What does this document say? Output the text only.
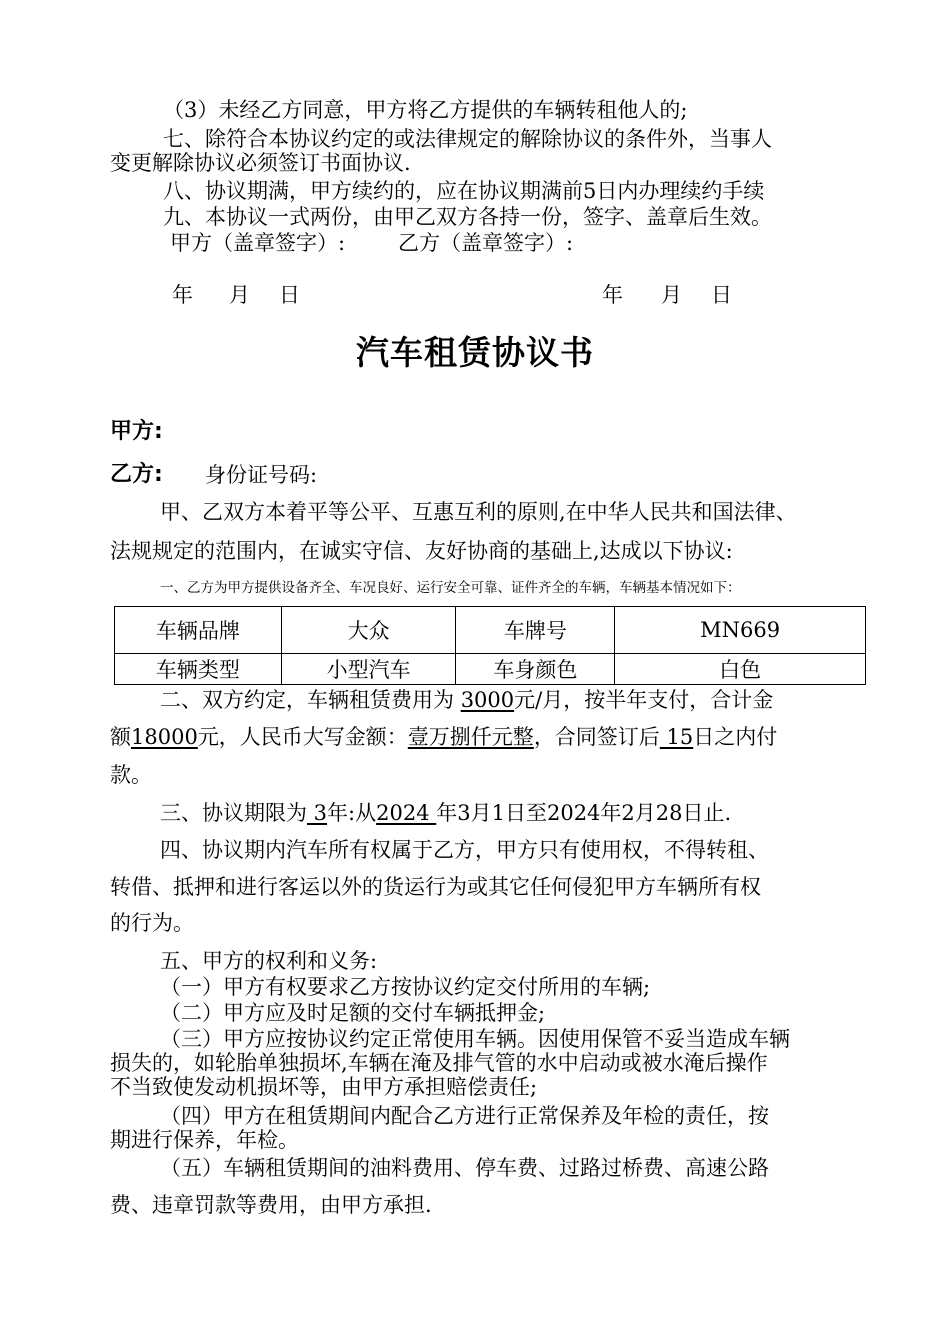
（3）未经乙方同意，甲方将乙方提供的车辆转租他人的;
七、除符合本协议约定的或法律规定的解除协议的条件外，当事人
变更解除协议必须签订书面协议.
八、协议期满，甲方续约的，应在协议期满前5日内办理续约手续
九、本协议一式两份，由甲乙双方各持一份，签字、盖章后生效。
甲方（盖章签字）:	乙方（盖章签字）:
年 月 日	年 月 日
汽车租赁协议书
甲方:
乙方: 身份证号码:
甲、乙双方本着平等公平、互惠互利的原则,在中华人民共和国法律、
法规规定的范围内，在诚实守信、友好协商的基础上,达成以下协议:
一、乙方为甲方提供设备齐全、车况良好、运行安全可靠、证件齐全的车辆，车辆基本情况如下：
车辆品牌	大众	车牌号	MN669
车辆类型	小型汽车	车身颜色	白色
二、双方约定，车辆租赁费用为 3000元/月，按半年支付，合计金
额18000元，人民币大写金额：壹万捌仟元整，合同签订后 15日之内付
款。
三、协议期限为 3年:从2024 年3月1日至2024年2月28日止.
四、协议期内汽车所有权属于乙方，甲方只有使用权，不得转租、
转借、抵押和进行客运以外的货运行为或其它任何侵犯甲方车辆所有权
的行为。
五、甲方的权利和义务:
（一）甲方有权要求乙方按协议约定交付所用的车辆;
（二）甲方应及时足额的交付车辆抵押金;
（三）甲方应按协议约定正常使用车辆。因使用保管不妥当造成车辆
损失的，如轮胎单独损坏,车辆在淹及排气管的水中启动或被水淹后操作
不当致使发动机损坏等，由甲方承担赔偿责任;
（四）甲方在租赁期间内配合乙方进行正常保养及年检的责任，按
期进行保养，年检。
（五）车辆租赁期间的油料费用、停车费、过路过桥费、高速公路
费、违章罚款等费用，由甲方承担.
